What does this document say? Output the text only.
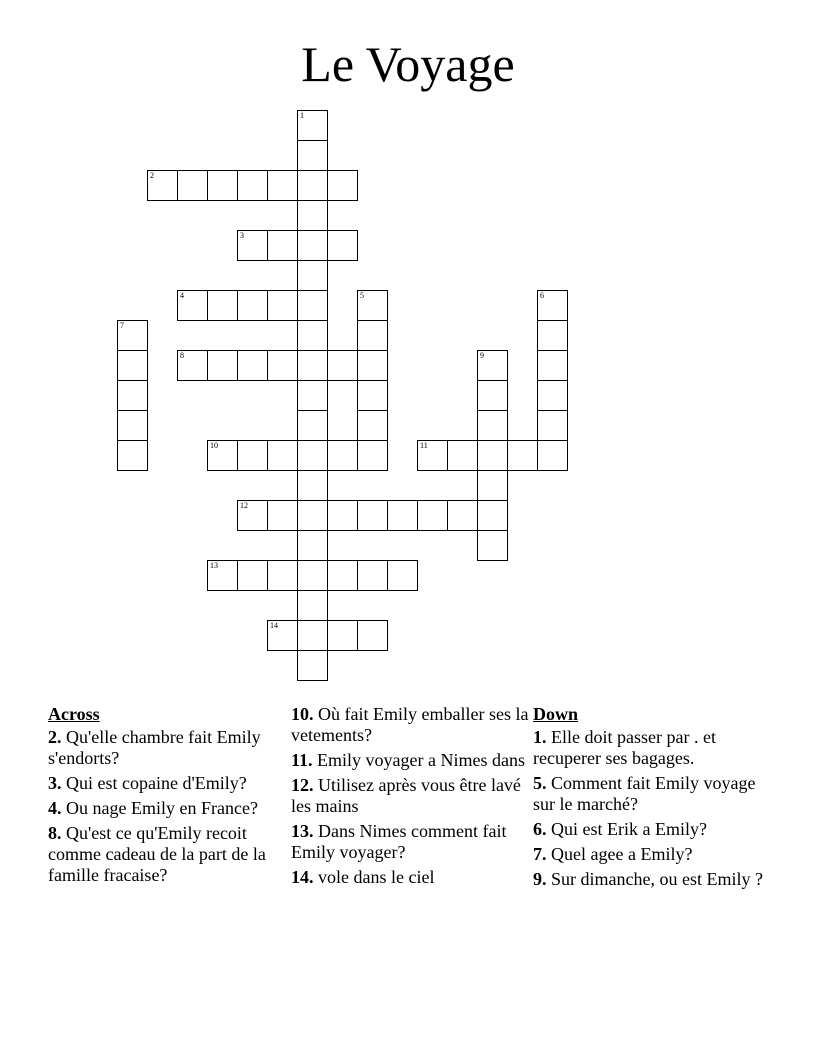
Le Voyage
1
2
3
4	5	6
7
8	9
10	11
12
13
14
Across
2. Qu'elle chambre fait Emily s'endorts?
3. Qui est copaine d'Emily?
4. Ou nage Emily en France?
8. Qu'est ce qu'Emily recoit comme cadeau de la part de la famille fracaise?
10. Où fait Emily emballer ses la vetements?
11. Emily voyager a Nimes dans
12. Utilisez après vous être lavé les mains
13. Dans Nimes comment fait Emily voyager?
14. vole dans le ciel
Down
1. Elle doit passer par . et recuperer ses bagages.
5. Comment fait Emily voyage sur le marché?
6. Qui est Erik a Emily?
7. Quel agee a Emily?
9. Sur dimanche, ou est Emily ?
